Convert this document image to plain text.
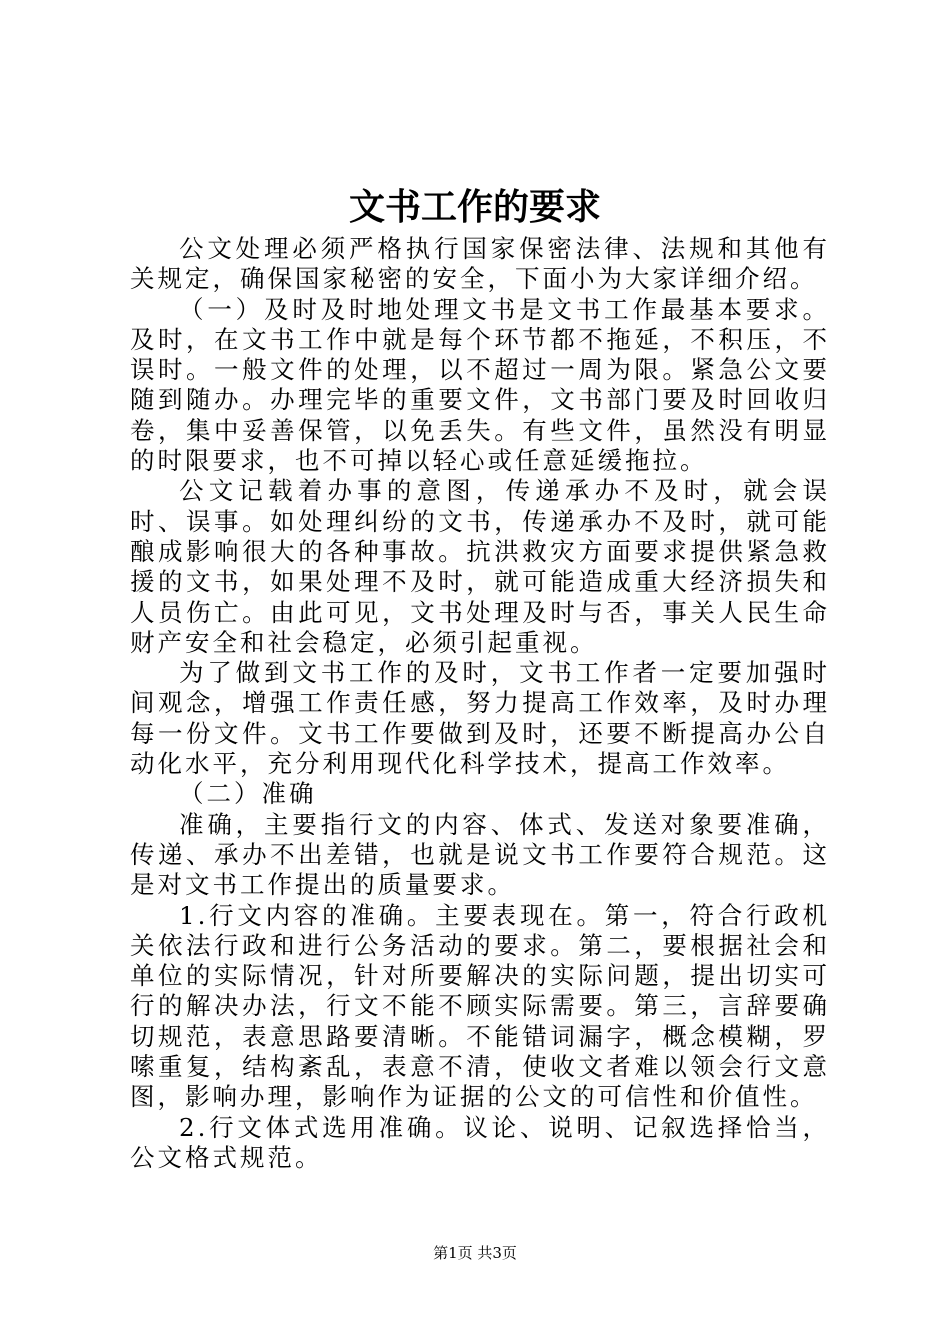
文书工作的要求

公文处理必须严格执行国家保密法律、法规和其他有关规定，确保国家秘密的安全，下面小为大家详细介绍。

（一）及时及时地处理文书是文书工作最基本要求。及时，在文书工作中就是每个环节都不拖延，不积压，不误时。一般文件的处理，以不超过一周为限。紧急公文要随到随办。办理完毕的重要文件，文书部门要及时回收归卷，集中妥善保管，以免丢失。有些文件，虽然没有明显的时限要求，也不可掉以轻心或任意延缓拖拉。

公文记载着办事的意图，传递承办不及时，就会误时、误事。如处理纠纷的文书，传递承办不及时，就可能酿成影响很大的各种事故。抗洪救灾方面要求提供紧急救援的文书，如果处理不及时，就可能造成重大经济损失和人员伤亡。由此可见，文书处理及时与否，事关人民生命财产安全和社会稳定，必须引起重视。

为了做到文书工作的及时，文书工作者一定要加强时间观念，增强工作责任感，努力提高工作效率，及时办理每一份文件。文书工作要做到及时，还要不断提高办公自动化水平，充分利用现代化科学技术，提高工作效率。

（二）准确

准确，主要指行文的内容、体式、发送对象要准确，传递、承办不出差错，也就是说文书工作要符合规范。这是对文书工作提出的质量要求。

1.行文内容的准确。主要表现在。第一，符合行政机关依法行政和进行公务活动的要求。第二，要根据社会和单位的实际情况，针对所要解决的实际问题，提出切实可行的解决办法，行文不能不顾实际需要。第三，言辞要确切规范，表意思路要清晰。不能错词漏字，概念模糊，罗嗦重复，结构紊乱，表意不清，使收文者难以领会行文意图，影响办理，影响作为证据的公文的可信性和价值性。

2.行文体式选用准确。议论、说明、记叙选择恰当，公文格式规范。

第1页 共3页
